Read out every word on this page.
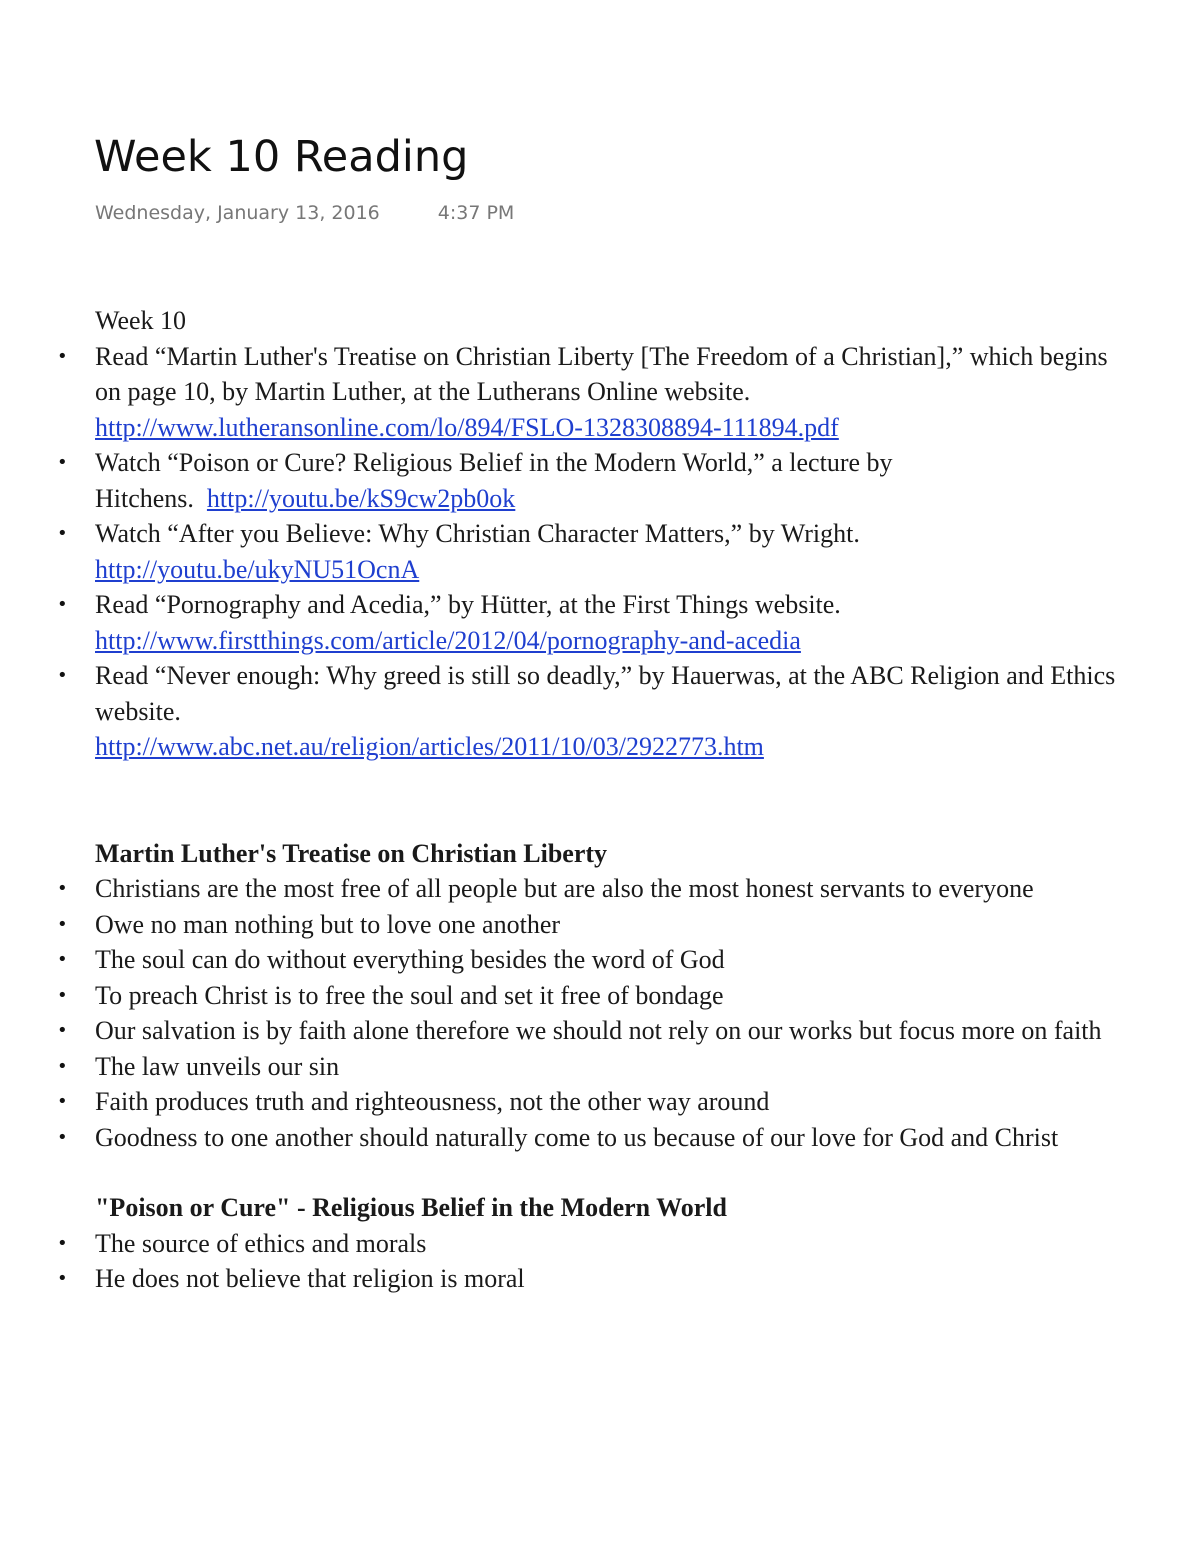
Week 10 Reading
Wednesday, January 13, 2016	4:37 PM

Week 10

• Read “Martin Luther's Treatise on Christian Liberty [The Freedom of a Christian],” which begins on page 10, by Martin Luther, at the Lutherans Online website.
http://www.lutheransonline.com/lo/894/FSLO-1328308894-111894.pdf
• Watch “Poison or Cure? Religious Belief in the Modern World,” a lecture by Hitchens. http://youtu.be/kS9cw2pb0ok
• Watch “After you Believe: Why Christian Character Matters,” by Wright.
http://youtu.be/ukyNU51OcnA
• Read “Pornography and Acedia,” by Hütter, at the First Things website.
http://www.firstthings.com/article/2012/04/pornography-and-acedia
• Read “Never enough: Why greed is still so deadly,” by Hauerwas, at the ABC Religion and Ethics website.
http://www.abc.net.au/religion/articles/2011/10/03/2922773.htm

Martin Luther's Treatise on Christian Liberty

• Christians are the most free of all people but are also the most honest servants to everyone
• Owe no man nothing but to love one another
• The soul can do without everything besides the word of God
• To preach Christ is to free the soul and set it free of bondage
• Our salvation is by faith alone therefore we should not rely on our works but focus more on faith
• The law unveils our sin
• Faith produces truth and righteousness, not the other way around
• Goodness to one another should naturally come to us because of our love for God and Christ

"Poison or Cure" - Religious Belief in the Modern World

• The source of ethics and morals
• He does not believe that religion is moral
